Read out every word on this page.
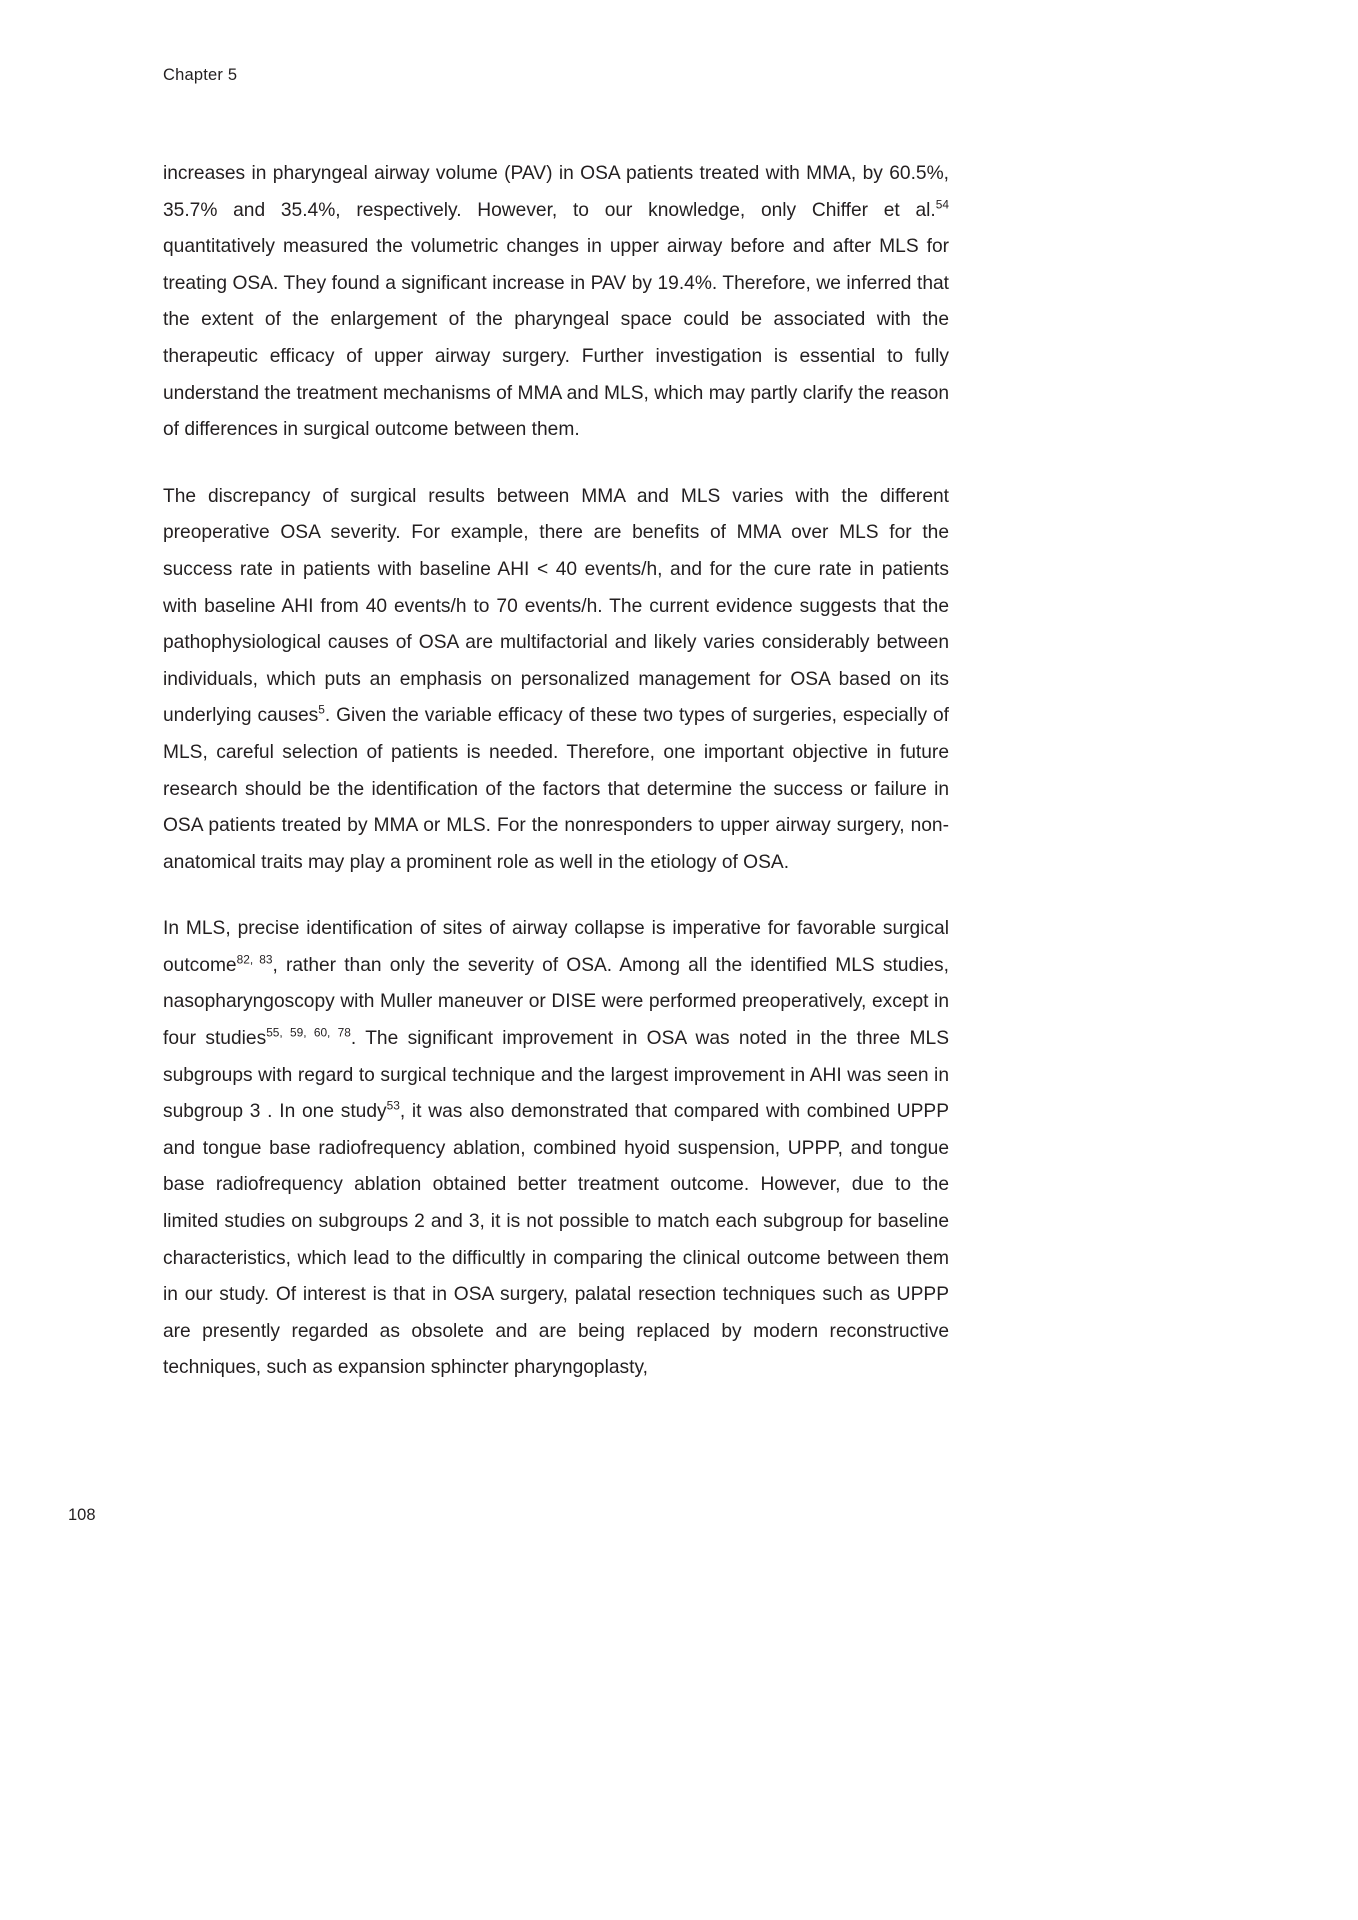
Chapter 5

increases in pharyngeal airway volume (PAV) in OSA patients treated with MMA, by 60.5%, 35.7% and 35.4%, respectively. However, to our knowledge, only Chiffer et al.$^{54}$ quantitatively measured the volumetric changes in upper airway before and after MLS for treating OSA. They found a significant increase in PAV by 19.4%. Therefore, we inferred that the extent of the enlargement of the pharyngeal space could be associated with the therapeutic efficacy of upper airway surgery. Further investigation is essential to fully understand the treatment mechanisms of MMA and MLS, which may partly clarify the reason of differences in surgical outcome between them.

The discrepancy of surgical results between MMA and MLS varies with the different preoperative OSA severity. For example, there are benefits of MMA over MLS for the success rate in patients with baseline AHI < 40 events/h, and for the cure rate in patients with baseline AHI from 40 events/h to 70 events/h. The current evidence suggests that the pathophysiological causes of OSA are multifactorial and likely varies considerably between individuals, which puts an emphasis on personalized management for OSA based on its underlying causes$^5$. Given the variable efficacy of these two types of surgeries, especially of MLS, careful selection of patients is needed. Therefore, one important objective in future research should be the identification of the factors that determine the success or failure in OSA patients treated by MMA or MLS. For the nonresponders to upper airway surgery, non-anatomical traits may play a prominent role as well in the etiology of OSA.

In MLS, precise identification of sites of airway collapse is imperative for favorable surgical outcome$^{82, 83}$, rather than only the severity of OSA. Among all the identified MLS studies, nasopharyngoscopy with Muller maneuver or DISE were performed preoperatively, except in four studies$^{55, 59, 60, 78}$. The significant improvement in OSA was noted in the three MLS subgroups with regard to surgical technique and the largest improvement in AHI was seen in subgroup 3 . In one study$^{53}$, it was also demonstrated that compared with combined UPPP and tongue base radiofrequency ablation, combined hyoid suspension, UPPP, and tongue base radiofrequency ablation obtained better treatment outcome. However, due to the limited studies on subgroups 2 and 3, it is not possible to match each subgroup for baseline characteristics, which lead to the difficultly in comparing the clinical outcome between them in our study. Of interest is that in OSA surgery, palatal resection techniques such as UPPP are presently regarded as obsolete and are being replaced by modern reconstructive techniques, such as expansion sphincter pharyngoplasty,

108
